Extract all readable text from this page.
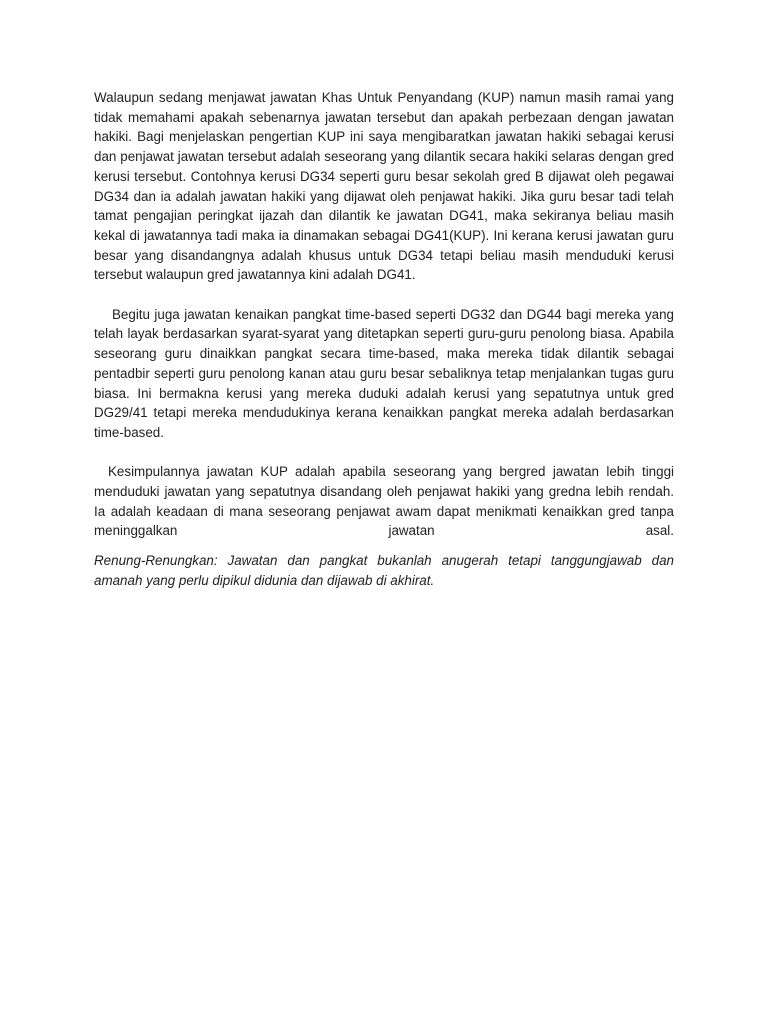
Walaupun sedang menjawat jawatan Khas Untuk Penyandang (KUP) namun masih ramai yang tidak memahami apakah sebenarnya jawatan tersebut dan apakah perbezaan dengan jawatan hakiki. Bagi menjelaskan pengertian KUP ini saya mengibaratkan jawatan hakiki sebagai kerusi dan penjawat jawatan tersebut adalah seseorang yang dilantik secara hakiki selaras dengan gred kerusi tersebut. Contohnya kerusi DG34 seperti guru besar sekolah gred B dijawat oleh pegawai DG34 dan ia adalah jawatan hakiki yang dijawat oleh penjawat hakiki. Jika guru besar tadi telah tamat pengajian peringkat ijazah dan dilantik ke jawatan DG41, maka sekiranya beliau masih kekal di jawatannya tadi maka ia dinamakan sebagai DG41(KUP). Ini kerana kerusi jawatan guru besar yang disandangnya adalah khusus untuk DG34 tetapi beliau masih menduduki kerusi tersebut walaupun gred jawatannya kini adalah DG41.

Begitu juga jawatan kenaikan pangkat time-based seperti DG32 dan DG44 bagi mereka yang telah layak berdasarkan syarat-syarat yang ditetapkan seperti guru-guru penolong biasa. Apabila seseorang guru dinaikkan pangkat secara time-based, maka mereka tidak dilantik sebagai pentadbir seperti guru penolong kanan atau guru besar sebaliknya tetap menjalankan tugas guru biasa. Ini bermakna kerusi yang mereka duduki adalah kerusi yang sepatutnya untuk gred DG29/41 tetapi mereka mendudukinya kerana kenaikkan pangkat mereka adalah berdasarkan time-based.

Kesimpulannya jawatan KUP adalah apabila seseorang yang bergred jawatan lebih tinggi menduduki jawatan yang sepatutnya disandang oleh penjawat hakiki yang gredna lebih rendah. Ia adalah keadaan di mana seseorang penjawat awam dapat menikmati kenaikkan gred tanpa meninggalkan jawatan asal.

Renung-Renungkan: Jawatan dan pangkat bukanlah anugerah tetapi tanggungjawab dan amanah yang perlu dipikul didunia dan dijawab di akhirat.
